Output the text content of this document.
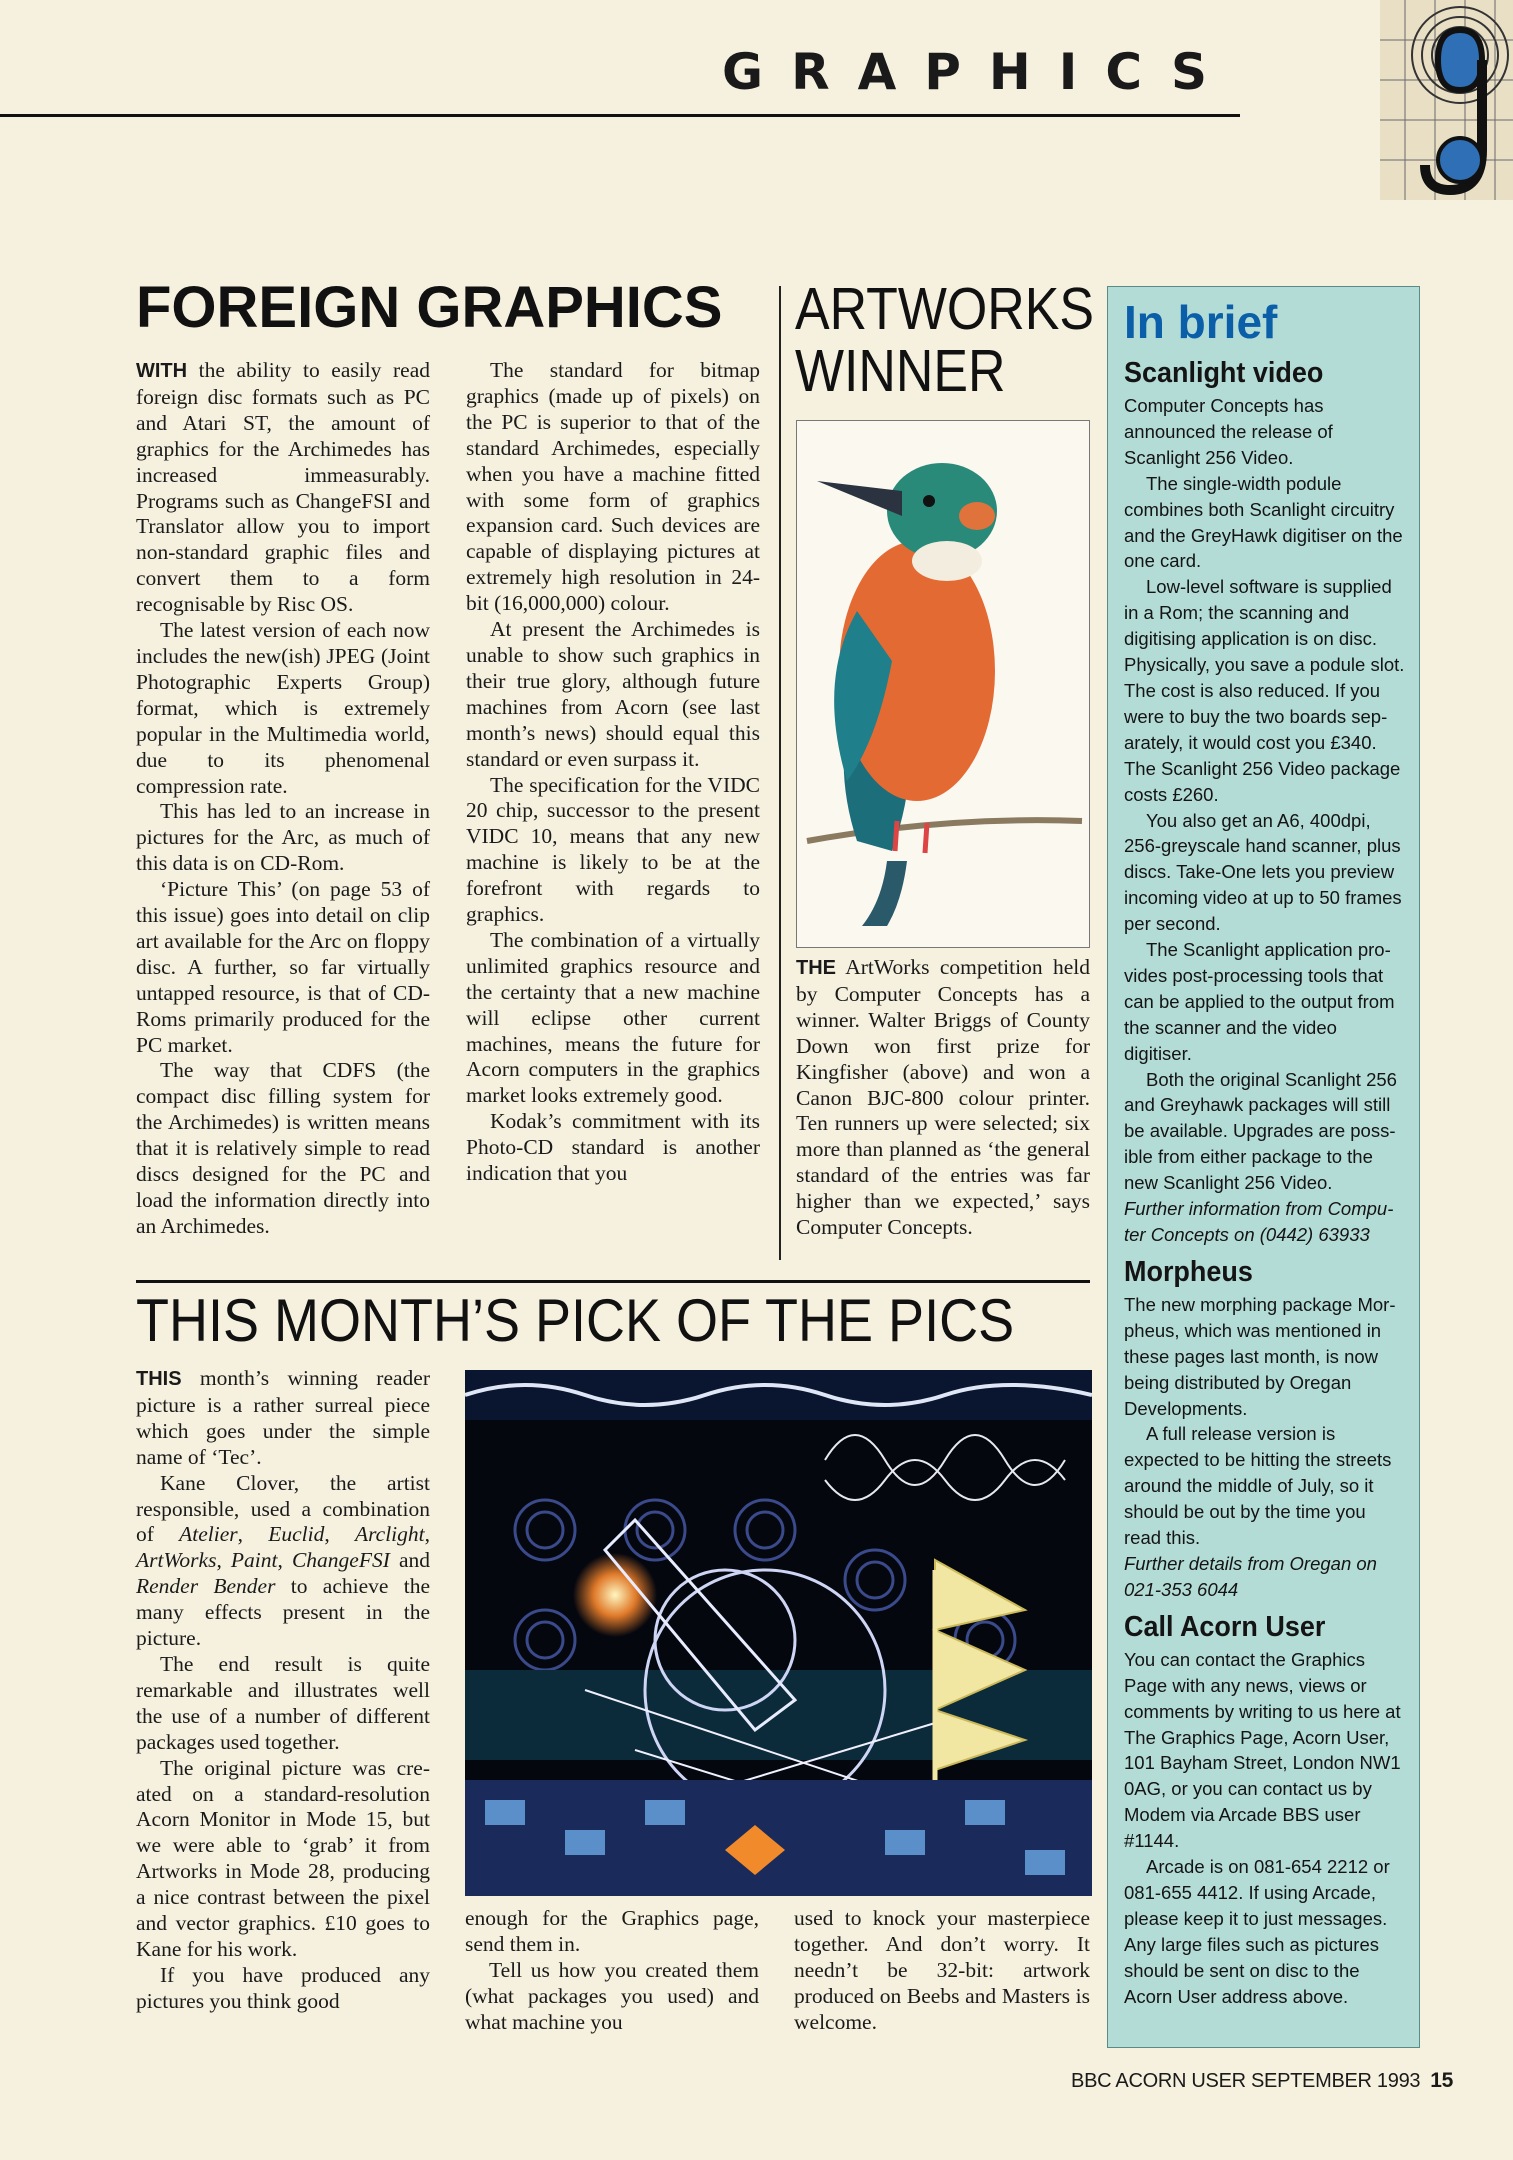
GRAPHICS
FOREIGN GRAPHICS

WITH the ability to easily read foreign disc formats such as PC and Atari ST, the amount of graphics for the Archimedes has increased immeasurably. Programs such as ChangeFSI and Translator allow you to import non-standard graphic files and convert them to a form recognisable by Risc OS.

The latest version of each now includes the new(ish) JPEG (Joint Photographic Experts Group) format, which is extremely popular in the Multimedia world, due to its phenomenal compression rate.

This has led to an increase in pictures for the Arc, as much of this data is on CD-Rom.

‘Picture This’ (on page 53 of this issue) goes into detail on clip art available for the Arc on floppy disc. A further, so far virtually untapped resource, is that of CD-Roms primarily produced for the PC market.

The way that CDFS (the compact disc filling system for the Archimedes) is written means that it is relatively simple to read discs designed for the PC and load the information directly into an Archimedes.

The standard for bitmap graphics (made up of pixels) on the PC is superior to that of the standard Archimedes, especially when you have a machine fitted with some form of graphics expansion card. Such devices are capable of displaying pictures at extremely high resolution in 24-bit (16,000,000) colour.

At present the Archimedes is unable to show such graphics in their true glory, although future machines from Acorn (see last month’s news) should equal this standard or even surpass it.

The specification for the VIDC 20 chip, successor to the present VIDC 10, means that any new machine is likely to be at the forefront with regards to graphics.

The combination of a virtually unlimited graphics resource and the certainty that a new machine will eclipse other current machines, means the future for Acorn computers in the graphics market looks extremely good.

Kodak’s commitment with its Photo-CD standard is another indication that you

ARTWORKS WINNER

THE ArtWorks competition held by Computer Concepts has a winner. Walter Briggs of County Down won first prize for Kingfisher (above) and won a Canon BJC-800 colour printer. Ten runners up were selected; six more than planned as ‘the general standard of the entries was far higher than we expected,’ says Computer Concepts.

THIS MONTH’S PICK OF THE PICS

THIS month’s winning reader picture is a rather surreal piece which goes under the simple name of ‘Tec’.

Kane Clover, the artist responsible, used a combination of Atelier, Euclid, Arclight, ArtWorks, Paint, ChangeFSI and Render Bender to achieve the many effects present in the picture.

The end result is quite remarkable and illustrates well the use of a number of different packages used together.

The original picture was created on a standard-resolution Acorn Monitor in Mode 15, but we were able to ‘grab’ it from Artworks in Mode 28, producing a nice contrast between the pixel and vector graphics. £10 goes to Kane for his work.

If you have produced any pictures you think good

enough for the Graphics page, send them in.

Tell us how you created them (what packages you used) and what machine you

used to knock your masterpiece together. And don’t worry. It needn’t be 32-bit: artwork produced on Beebs and Masters is welcome.

In brief
Scanlight video

Computer Concepts has announced the release of Scanlight 256 Video.

The single-width podule combines both Scanlight circuitry and the GreyHawk digitiser on the one card.

Low-level software is supplied in a Rom; the scanning and digitising application is on disc. Physically, you save a podule slot. The cost is also reduced. If you were to buy the two boards separately, it would cost you £340. The Scanlight 256 Video package costs £260.

You also get an A6, 400dpi, 256-greyscale hand scanner, plus discs. Take-One lets you preview incoming video at up to 50 frames per second.

The Scanlight application provides post-processing tools that can be applied to the output from the scanner and the video digitiser.

Both the original Scanlight 256 and Greyhawk packages will still be available. Upgrades are possible from either package to the new Scanlight 256 Video.

Further information from Computer Concepts on (0442) 63933

Morpheus

The new morphing package Morpheus, which was mentioned in these pages last month, is now being distributed by Oregan Developments.

A full release version is expected to be hitting the streets around the middle of July, so it should be out by the time you read this.

Further details from Oregan on 021-353 6044

Call Acorn User

You can contact the Graphics Page with any news, views or comments by writing to us here at The Graphics Page, Acorn User, 101 Bayham Street, London NW1 0AG, or you can contact us by Modem via Arcade BBS user #1144.

Arcade is on 081-654 2212 or 081-655 4412. If using Arcade, please keep it to just messages. Any large files such as pictures should be sent on disc to the Acorn User address above.

BBC ACORN USER SEPTEMBER 1993 15
